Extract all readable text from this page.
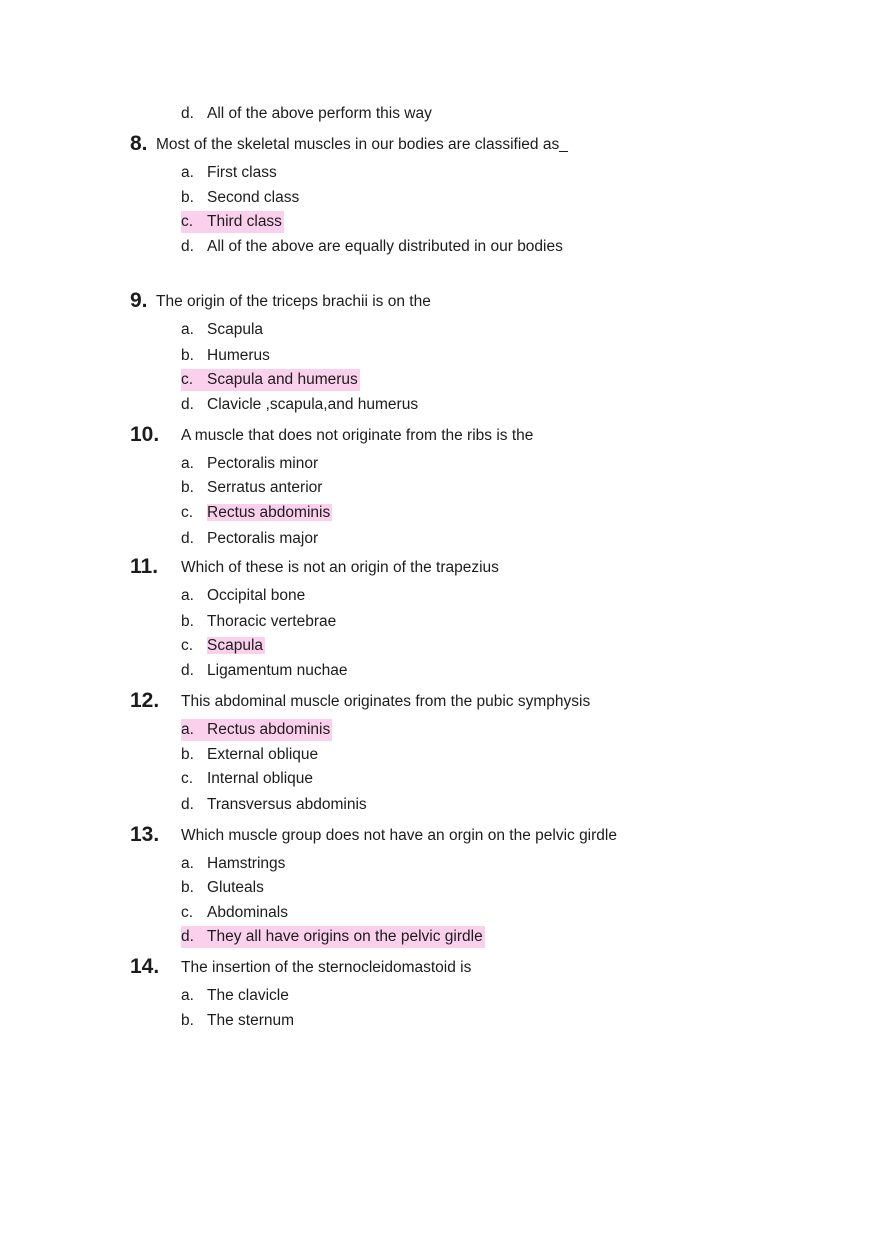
d. All of the above perform this way
8. Most of the skeletal muscles in our bodies are classified as_
a. First class
b. Second class
c. Third class
d. All of the above are equally distributed in our bodies
9. The origin of the triceps brachii is on the
a. Scapula
b. Humerus
c. Scapula and humerus
d. Clavicle ,scapula,and humerus
10. A muscle that does not originate from the ribs is the
a. Pectoralis minor
b. Serratus anterior
c. Rectus abdominis
d. Pectoralis major
11. Which of these is not an origin of the trapezius
a. Occipital bone
b. Thoracic vertebrae
c. Scapula
d. Ligamentum nuchae
12. This abdominal muscle originates from the pubic symphysis
a. Rectus abdominis
b. External oblique
c. Internal oblique
d. Transversus abdominis
13. Which muscle group does not have an orgin on the pelvic girdle
a. Hamstrings
b. Gluteals
c. Abdominals
d. They all have origins on the pelvic girdle
14. The insertion of the sternocleidomastoid is
a. The clavicle
b. The sternum
